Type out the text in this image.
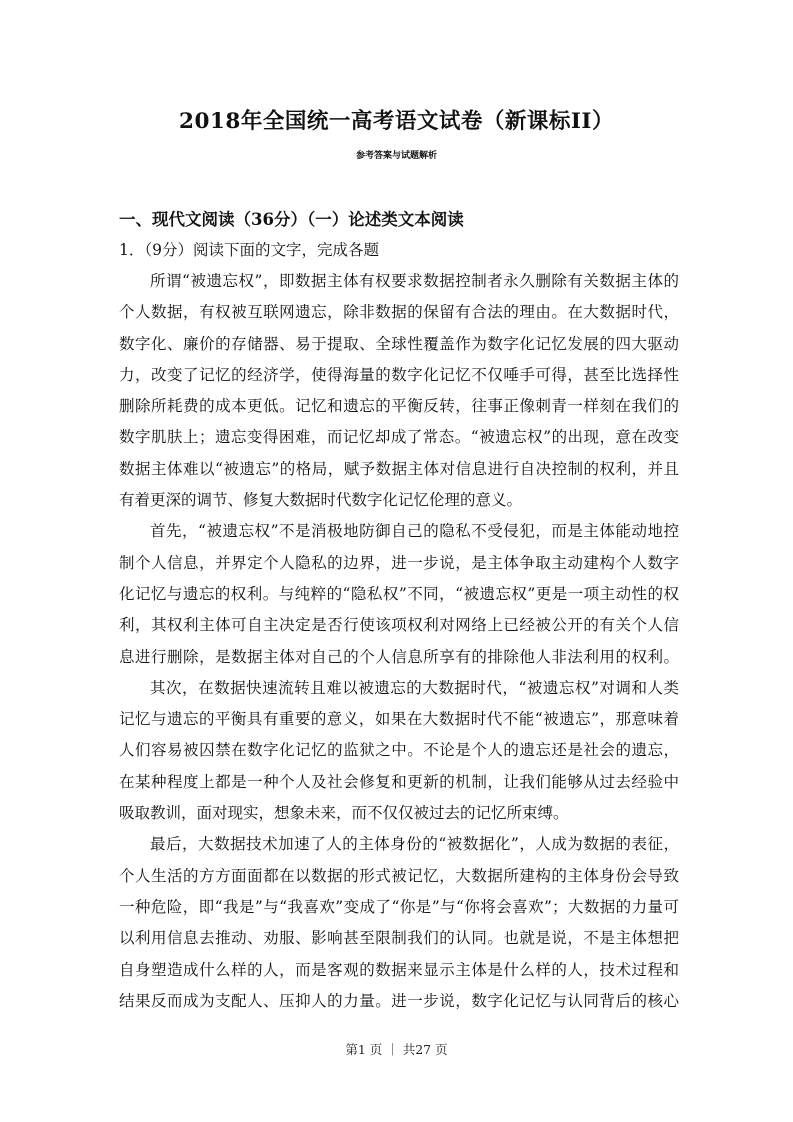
2018年全国统一高考语文试卷（新课标II）
参考答案与试题解析
一、现代文阅读（36分）（一）论述类文本阅读
1．（9分）阅读下面的文字，完成各题
所谓“被遗忘权”，即数据主体有权要求数据控制者永久删除有关数据主体的
个人数据，有权被互联网遗忘，除非数据的保留有合法的理由。在大数据时代，
数字化、廉价的存储器、易于提取、全球性覆盖作为数字化记忆发展的四大驱动
力，改变了记忆的经济学，使得海量的数字化记忆不仅唾手可得，甚至比选择性
删除所耗费的成本更低。记忆和遗忘的平衡反转，往事正像刺青一样刻在我们的
数字肌肤上；遗忘变得困难，而记忆却成了常态。“被遗忘权”的出现，意在改变
数据主体难以“被遗忘”的格局，赋予数据主体对信息进行自决控制的权利，并且
有着更深的调节、修复大数据时代数字化记忆伦理的意义。
首先，“被遗忘权”不是消极地防御自己的隐私不受侵犯，而是主体能动地控
制个人信息，并界定个人隐私的边界，进一步说，是主体争取主动建构个人数字
化记忆与遗忘的权利。与纯粹的“隐私权”不同，“被遗忘权”更是一项主动性的权
利，其权利主体可自主决定是否行使该项权利对网络上已经被公开的有关个人信
息进行删除，是数据主体对自己的个人信息所享有的排除他人非法利用的权利。
其次，在数据快速流转且难以被遗忘的大数据时代，“被遗忘权”对调和人类
记忆与遗忘的平衡具有重要的意义，如果在大数据时代不能“被遗忘”，那意味着
人们容易被囚禁在数字化记忆的监狱之中。不论是个人的遗忘还是社会的遗忘，
在某种程度上都是一种个人及社会修复和更新的机制，让我们能够从过去经验中
吸取教训，面对现实，想象未来，而不仅仅被过去的记忆所束缚。
最后，大数据技术加速了人的主体身份的“被数据化”，人成为数据的表征，
个人生活的方方面面都在以数据的形式被记忆，大数据所建构的主体身份会导致
一种危险，即“我是”与“我喜欢”变成了“你是”与“你将会喜欢”；大数据的力量可
以利用信息去推动、劝服、影响甚至限制我们的认同。也就是说，不是主体想把
自身塑造成什么样的人，而是客观的数据来显示主体是什么样的人，技术过程和
结果反而成为支配人、压抑人的力量。进一步说，数字化记忆与认同背后的核心
第1 页 ｜ 共27 页
